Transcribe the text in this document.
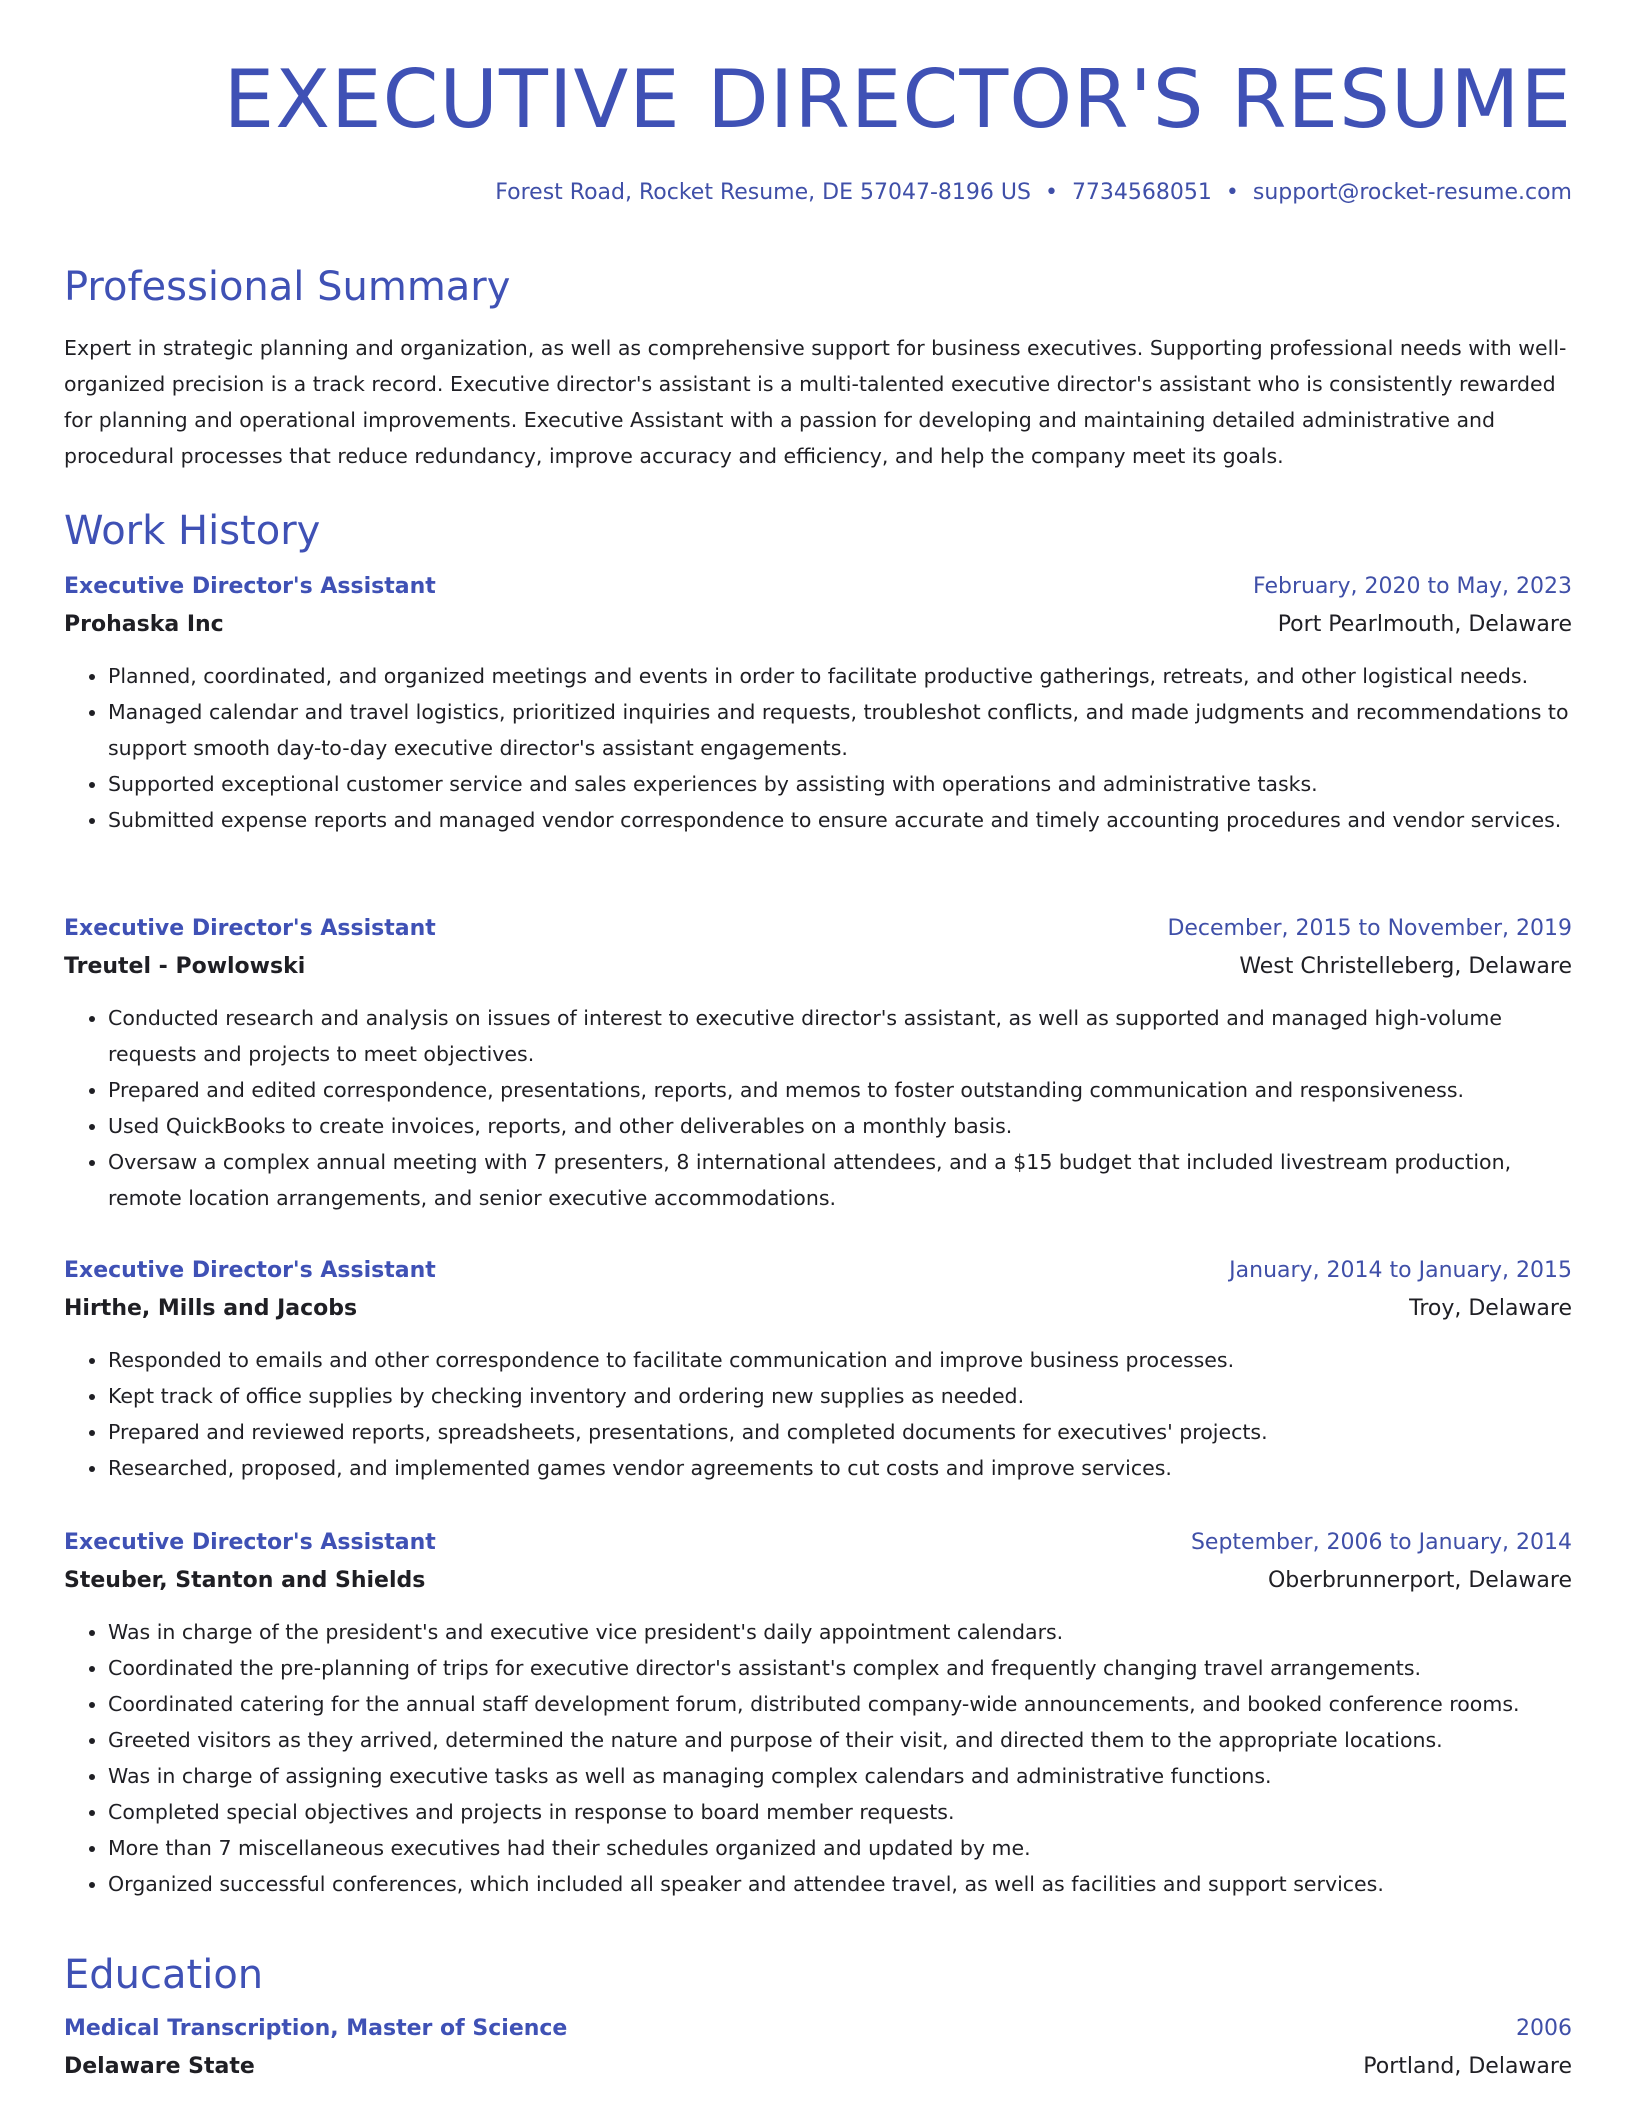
EXECUTIVE DIRECTOR'S RESUME
Forest Road, Rocket Resume, DE 57047-8196 US • 7734568051 • support@rocket-resume.com
Professional Summary

Expert in strategic planning and organization, as well as comprehensive support for business executives. Supporting professional needs with well-organized precision is a track record. Executive director's assistant is a multi-talented executive director's assistant who is consistently rewarded for planning and operational improvements. Executive Assistant with a passion for developing and maintaining detailed administrative and procedural processes that reduce redundancy, improve accuracy and efficiency, and help the company meet its goals.

Work History
Executive Director's Assistant	February, 2020 to May, 2023
Prohaska Inc	Port Pearlmouth, Delaware
• Planned, coordinated, and organized meetings and events in order to facilitate productive gatherings, retreats, and other logistical needs.
• Managed calendar and travel logistics, prioritized inquiries and requests, troubleshot conflicts, and made judgments and recommendations to support smooth day-to-day executive director's assistant engagements.
• Supported exceptional customer service and sales experiences by assisting with operations and administrative tasks.
• Submitted expense reports and managed vendor correspondence to ensure accurate and timely accounting procedures and vendor services.
Executive Director's Assistant	December, 2015 to November, 2019
Treutel - Powlowski	West Christelleberg, Delaware
• Conducted research and analysis on issues of interest to executive director's assistant, as well as supported and managed high-volume requests and projects to meet objectives.
• Prepared and edited correspondence, presentations, reports, and memos to foster outstanding communication and responsiveness.
• Used QuickBooks to create invoices, reports, and other deliverables on a monthly basis.
• Oversaw a complex annual meeting with 7 presenters, 8 international attendees, and a $15 budget that included livestream production, remote location arrangements, and senior executive accommodations.
Executive Director's Assistant	January, 2014 to January, 2015
Hirthe, Mills and Jacobs	Troy, Delaware
• Responded to emails and other correspondence to facilitate communication and improve business processes.
• Kept track of office supplies by checking inventory and ordering new supplies as needed.
• Prepared and reviewed reports, spreadsheets, presentations, and completed documents for executives' projects.
• Researched, proposed, and implemented games vendor agreements to cut costs and improve services.
Executive Director's Assistant	September, 2006 to January, 2014
Steuber, Stanton and Shields	Oberbrunnerport, Delaware
• Was in charge of the president's and executive vice president's daily appointment calendars.
• Coordinated the pre-planning of trips for executive director's assistant's complex and frequently changing travel arrangements.
• Coordinated catering for the annual staff development forum, distributed company-wide announcements, and booked conference rooms.
• Greeted visitors as they arrived, determined the nature and purpose of their visit, and directed them to the appropriate locations.
• Was in charge of assigning executive tasks as well as managing complex calendars and administrative functions.
• Completed special objectives and projects in response to board member requests.
• More than 7 miscellaneous executives had their schedules organized and updated by me.
• Organized successful conferences, which included all speaker and attendee travel, as well as facilities and support services.
Education
Medical Transcription, Master of Science	2006
Delaware State	Portland, Delaware
